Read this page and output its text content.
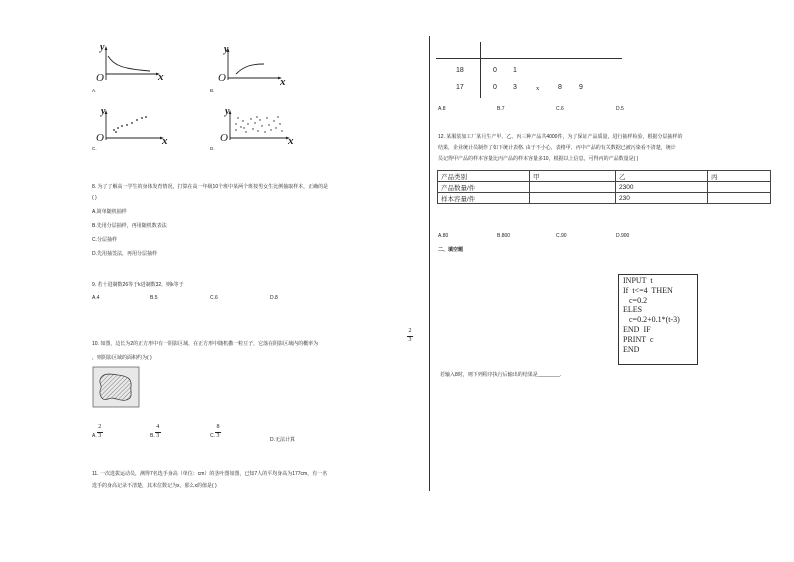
y
O	x
A.
y
O	x
B.
y
O	x
C.
y
O	x
D.
8. 为了了解高一学生的身体发育情况，打算在高一年级10个班中某两个班按男女生比例抽取样本，正确的是
( )
A.简单随机抽样
B.先用分层抽样，再用随机数表法
C.分层抽样
D.先用抽签法，再用分层抽样
9. 若十进制数26等于k进制数32，则k等于
A.4	B.5	C.6	D.8
10. 如图，边长为2的正方形中有一阴影区域，在正方形中随机撒一粒豆子，它落在阴影区域内的概率为
2
3
，则阴影区域的面积约为( )
A. $\frac{2}{3}$	B. $\frac{4}{3}$	C. $\frac{8}{3}$
D.无法计算
11. 一次选拔运动员，测得7名选手身高（单位：cm）的茎叶图如图，已知7人的平均身高为177cm，有一名
选手的身高记录不清楚，其末位数记为x，那么x的值是( )
18	0 1
17	0 3	x	8 9
A.8	B.7	C.6	D.5
12. 某服装加工厂某月生产甲、乙、丙三种产品共4000件，为了保证产品质量，进行抽样检验，根据分层抽样的
结果，企业统计员制作了如下统计表格. 由于不小心，表格甲、丙中产品的有关数据已被污染看不清楚，统计
员记得甲产品的样本容量比丙产品的样本容量多10，根据以上信息，可得丙的产品数量是( )
产品类别	甲	乙	丙
产品数量/件		2300	
样本容量/件		230	
A.80	B.800	C.90	D.900
二、填空题
INPUT  t
If  t<=4  THEN
c=0.2
ELES
c=0.2+0.1*(t-3)
END  IF
PRINT  c
END
若输入8时，则下列程序执行后输出的结果是________.
